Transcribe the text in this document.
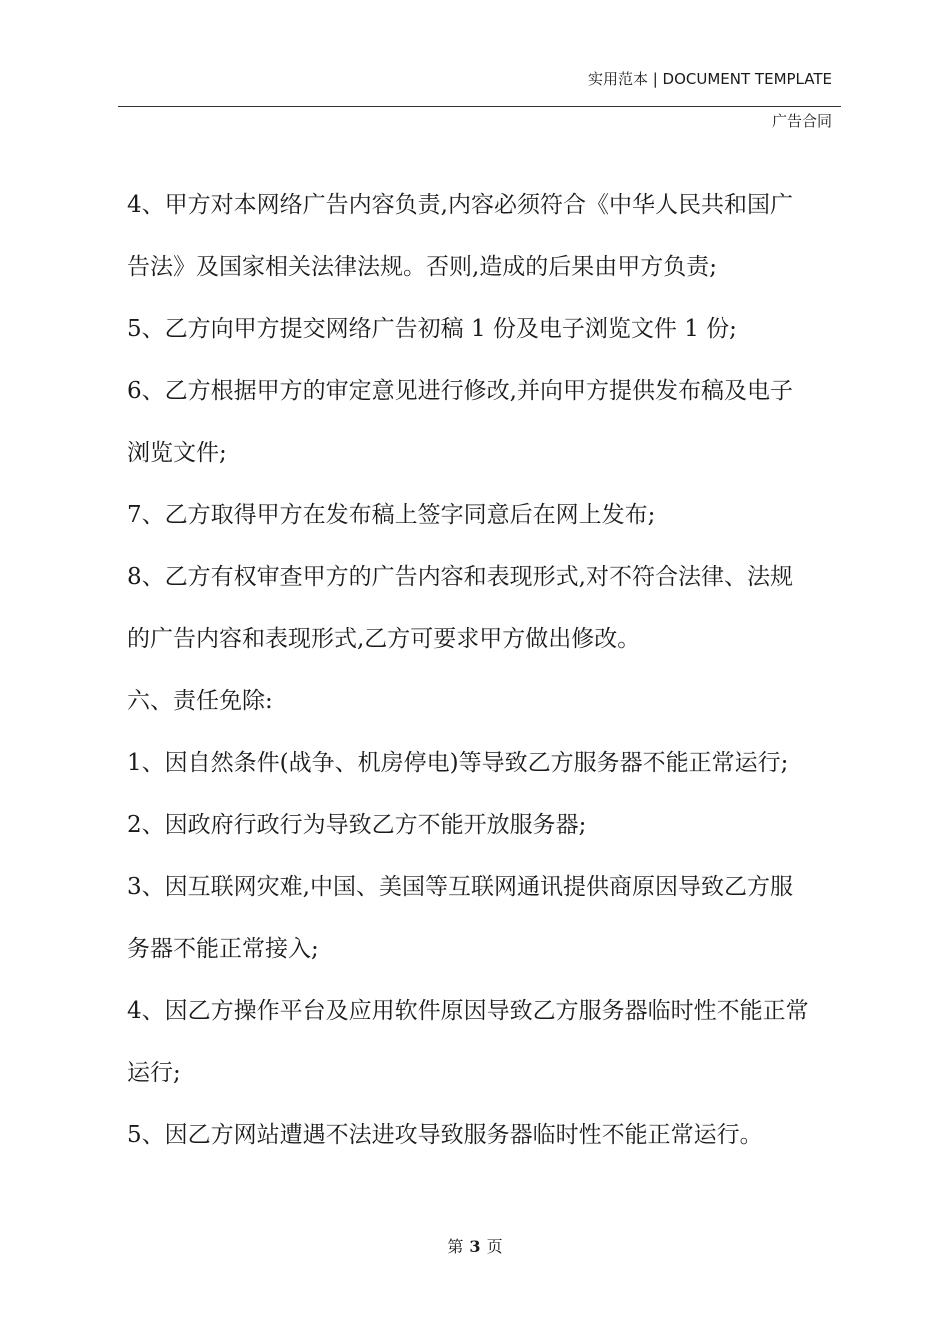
实用范本 | DOCUMENT TEMPLATE
广告合同
4、甲方对本网络广告内容负责,内容必须符合《中华人民共和国广
告法》及国家相关法律法规。否则,造成的后果由甲方负责;
5、乙方向甲方提交网络广告初稿 1 份及电子浏览文件 1 份;
6、乙方根据甲方的审定意见进行修改,并向甲方提供发布稿及电子
浏览文件;
7、乙方取得甲方在发布稿上签字同意后在网上发布;
8、乙方有权审查甲方的广告内容和表现形式,对不符合法律、法规
的广告内容和表现形式,乙方可要求甲方做出修改。
六、责任免除:
1、因自然条件(战争、机房停电)等导致乙方服务器不能正常运行;
2、因政府行政行为导致乙方不能开放服务器;
3、因互联网灾难,中国、美国等互联网通讯提供商原因导致乙方服
务器不能正常接入;
4、因乙方操作平台及应用软件原因导致乙方服务器临时性不能正常
运行;
5、因乙方网站遭遇不法进攻导致服务器临时性不能正常运行。
第 3 页
